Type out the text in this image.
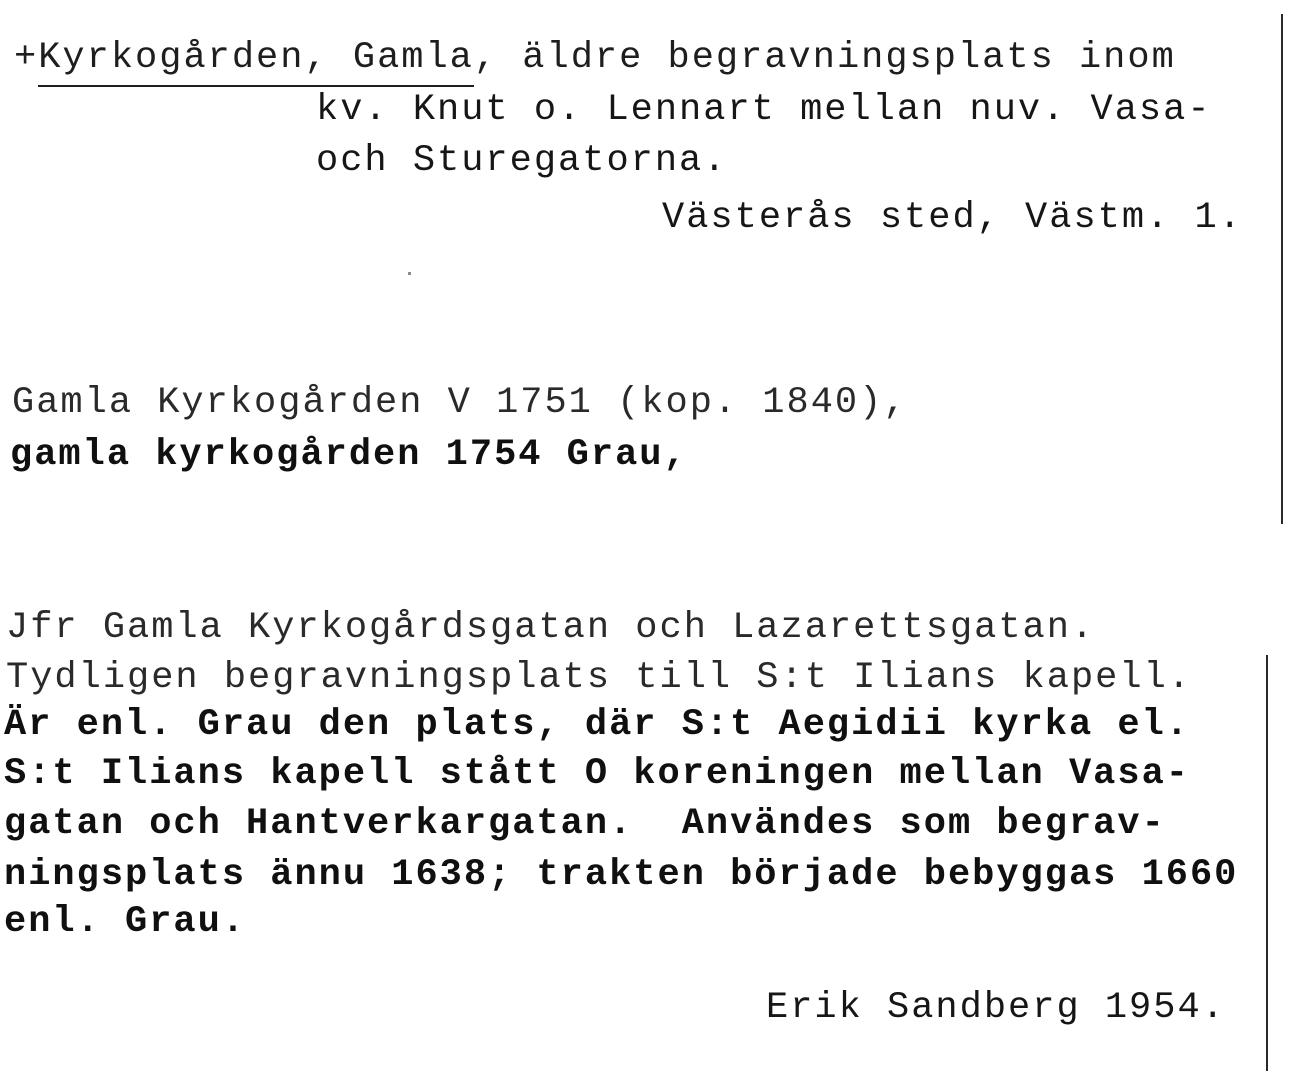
+Kyrkogården, Gamla, äldre begravningsplats inom
kv. Knut o. Lennart mellan nuv. Vasa-
och Sturegatorna.
Västerås sted, Västm. 1.
Gamla Kyrkogården V 1751 (kop. 1840),
gamla kyrkogården 1754 Grau,
Jfr Gamla Kyrkogårdsgatan och Lazarettsgatan.
Tydligen begravningsplats till S:t Ilians kapell.
Är enl. Grau den plats, där S:t Aegidii kyrka el.
S:t Ilians kapell stått O koreningen mellan Vasa-
gatan och Hantverkargatan.  Användes som begrav-
ningsplats ännu 1638; trakten började bebyggas 1660
enl. Grau.
Erik Sandberg 1954.
